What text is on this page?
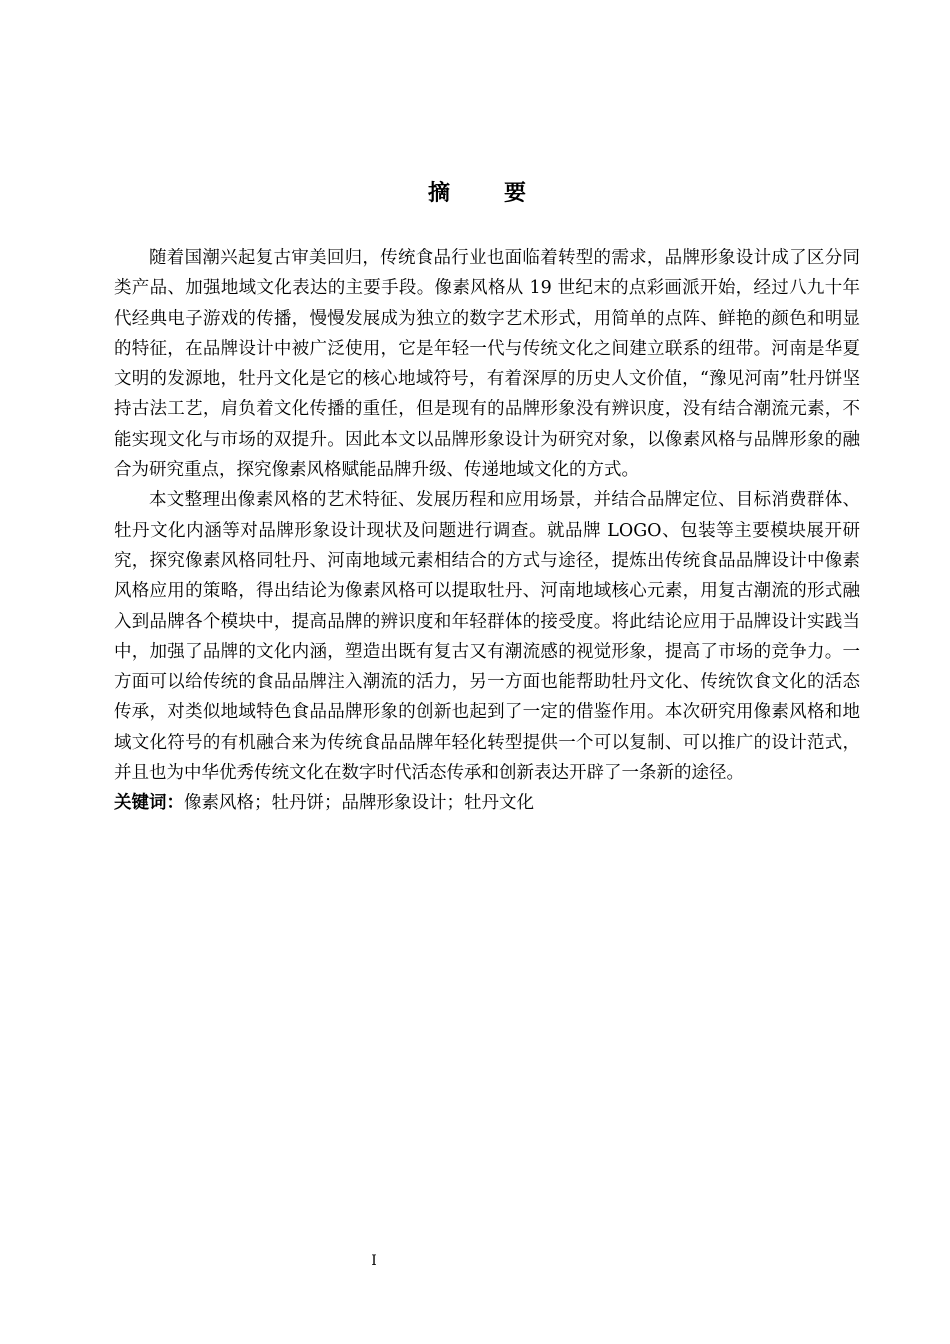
摘　要

随着国潮兴起复古审美回归，传统食品行业也面临着转型的需求，品牌形象设计成了区分同类产品、加强地域文化表达的主要手段。像素风格从 19 世纪末的点彩画派开始，经过八九十年代经典电子游戏的传播，慢慢发展成为独立的数字艺术形式，用简单的点阵、鲜艳的颜色和明显的特征，在品牌设计中被广泛使用，它是年轻一代与传统文化之间建立联系的纽带。河南是华夏文明的发源地，牡丹文化是它的核心地域符号，有着深厚的历史人文价值，“豫见河南”牡丹饼坚持古法工艺，肩负着文化传播的重任，但是现有的品牌形象没有辨识度，没有结合潮流元素，不能实现文化与市场的双提升。因此本文以品牌形象设计为研究对象，以像素风格与品牌形象的融合为研究重点，探究像素风格赋能品牌升级、传递地域文化的方式。

本文整理出像素风格的艺术特征、发展历程和应用场景，并结合品牌定位、目标消费群体、牡丹文化内涵等对品牌形象设计现状及问题进行调查。就品牌 LOGO、包装等主要模块展开研究，探究像素风格同牡丹、河南地域元素相结合的方式与途径，提炼出传统食品品牌设计中像素风格应用的策略，得出结论为像素风格可以提取牡丹、河南地域核心元素，用复古潮流的形式融入到品牌各个模块中，提高品牌的辨识度和年轻群体的接受度。将此结论应用于品牌设计实践当中，加强了品牌的文化内涵，塑造出既有复古又有潮流感的视觉形象，提高了市场的竞争力。一方面可以给传统的食品品牌注入潮流的活力，另一方面也能帮助牡丹文化、传统饮食文化的活态传承，对类似地域特色食品品牌形象的创新也起到了一定的借鉴作用。本次研究用像素风格和地域文化符号的有机融合来为传统食品品牌年轻化转型提供一个可以复制、可以推广的设计范式，并且也为中华优秀传统文化在数字时代活态传承和创新表达开辟了一条新的途径。

关键词：像素风格；牡丹饼；品牌形象设计；牡丹文化
I
